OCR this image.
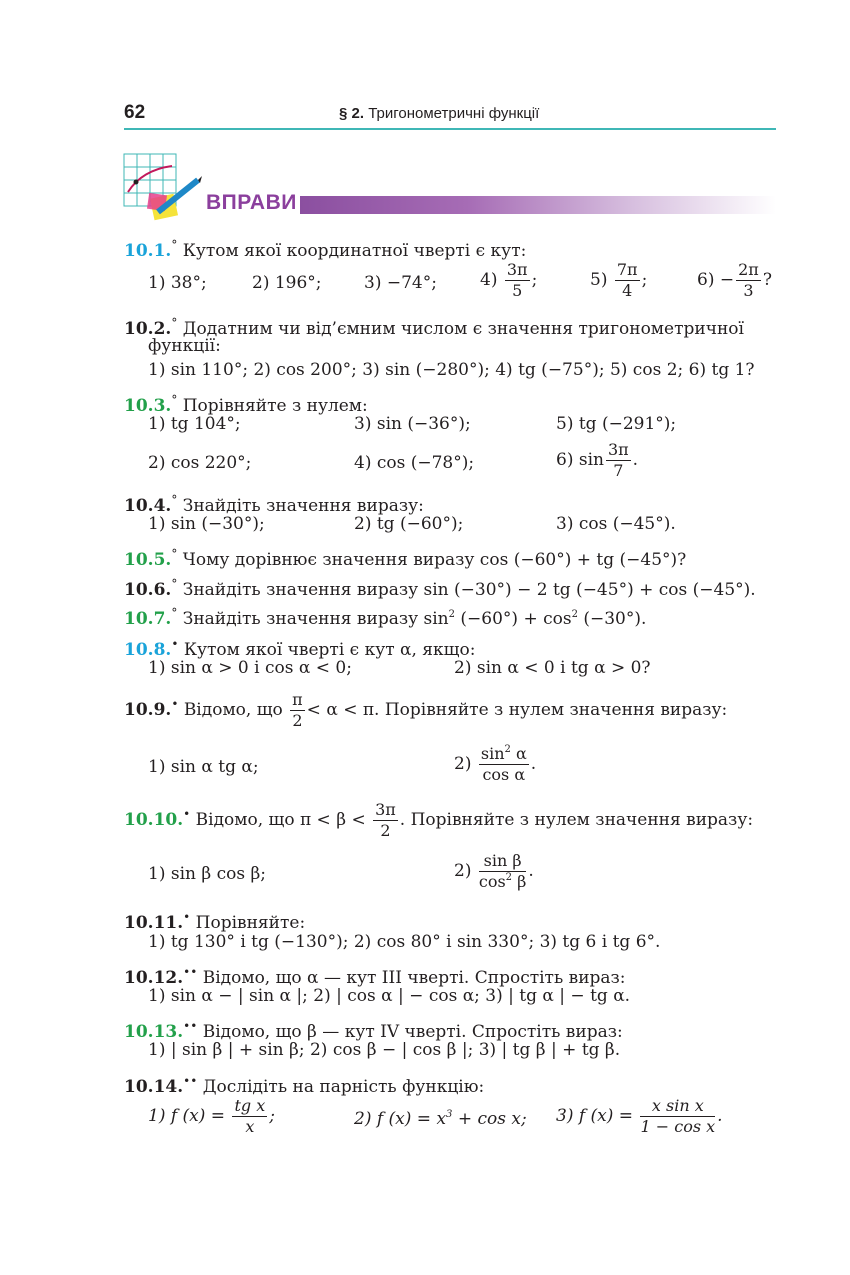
62	§ 2. Тригонометричні функції
ВПРАВИ
10.1.° Кутом якої координатної чверті є кут:
1) 38°;	2) 196°; 3) −74°;	$4) \frac{3\pi}{5}$ ;	$5) \frac{7\pi}{4}$ ;	$6) - \frac{2\pi}{3}$ ?
10.2.° Додатним чи від’ємним числом є значення тригонометричної
функції:
1) sin 110°; 2) cos 200°; 3) sin (−280°); 4) tg (−75°); 5) cos 2; 6) tg 1?
10.3.° Порівняйте з нулем:
1) tg 104°;	3) sin (−36°);	5) tg (−291°);
2) cos 220°;	4) cos (−78°);	6) $\sin \frac{3\pi}{7}$ .
10.4.° Знайдіть значення виразу:
1) sin (−30°);	2) tg (−60°);	3) cos (−45°).
10.5.° Чому дорівнює значення виразу cos (−60°) + tg (−45°)?
10.6.° Знайдіть значення виразу sin (−30°) − 2 tg (−45°) + cos (−45°).
10.7.° Знайдіть значення виразу $\sin^2 (-60^\circ) + \cos^2 (-30^\circ)$.
10.8.• Кутом якої чверті є кут α, якщо:
1) sin α > 0 і cos α < 0;	2) sin α < 0 і tg α > 0?
10.9.• Відомо, що $\frac{\pi}{2} < \alpha < \pi$. Порівняйте з нулем значення виразу:
1) sin α tg α;	$2) \frac{\sin^2 \alpha}{\text{cos α}}$ .
10.10.• Відомо, що $\pi < \beta < \frac{3\pi}{2}$ . Порівняйте з нулем значення виразу:
1) sin β cos β;	$2) \frac{\text{sin β}}{\cos^2 \beta}$ .
10.11.• Порівняйте:
1) tg 130° і tg (−130°); 2) cos 80° і sin 330°; 3) tg 6 і tg 6°.
10.12.•• Відомо, що α — кут III чверті. Спростіть вираз:
1) sin α − | sin α |; 2) | cos α | − cos α; 3) | tg α | − tg α.
10.13.•• Відомо, що β — кут IV чверті. Спростіть вираз:
1) | sin β | + sin β; 2) cos β − | cos β |; 3) | tg β | + tg β.
10.14.•• Дослідіть на парність функцію:
1) f $(x) = \frac{\text{tg x}}{x}$ ;	2) f $(x) = x^3 + \cos x$; 3) f $(x) = \frac{\text{x sin x}}{\text{1 − cos x}}$ .
